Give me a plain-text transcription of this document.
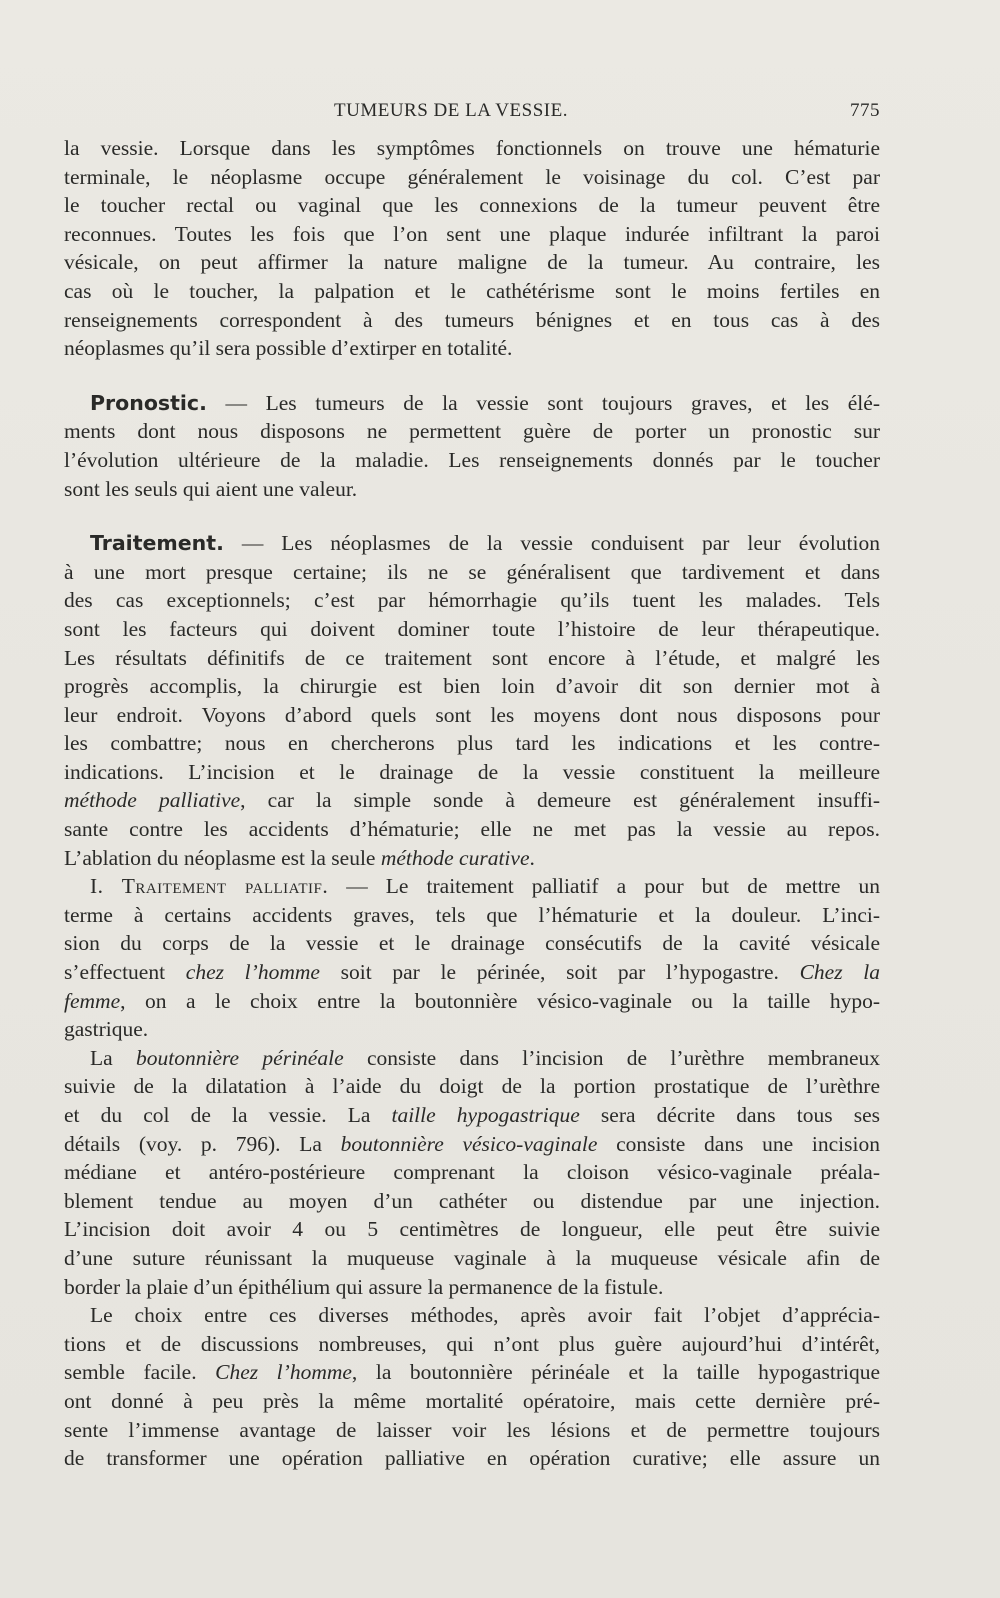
TUMEURS DE LA VESSIE.	775
la vessie. Lorsque dans les symptômes fonctionnels on trouve une hématurie
terminale, le néoplasme occupe généralement le voisinage du col. C’est par
le toucher rectal ou vaginal que les connexions de la tumeur peuvent être
reconnues. Toutes les fois que l’on sent une plaque indurée infiltrant la paroi
vésicale, on peut affirmer la nature maligne de la tumeur. Au contraire, les
cas où le toucher, la palpation et le cathétérisme sont le moins fertiles en
renseignements correspondent à des tumeurs bénignes et en tous cas à des
néoplasmes qu’il sera possible d’extirper en totalité.
Pronostic. — Les tumeurs de la vessie sont toujours graves, et les élé-
ments dont nous disposons ne permettent guère de porter un pronostic sur
l’évolution ultérieure de la maladie. Les renseignements donnés par le toucher
sont les seuls qui aient une valeur.
Traitement. — Les néoplasmes de la vessie conduisent par leur évolution
à une mort presque certaine; ils ne se généralisent que tardivement et dans
des cas exceptionnels; c’est par hémorrhagie qu’ils tuent les malades. Tels
sont les facteurs qui doivent dominer toute l’histoire de leur thérapeutique.
Les résultats définitifs de ce traitement sont encore à l’étude, et malgré les
progrès accomplis, la chirurgie est bien loin d’avoir dit son dernier mot à
leur endroit. Voyons d’abord quels sont les moyens dont nous disposons pour
les combattre; nous en chercherons plus tard les indications et les contre-
indications. L’incision et le drainage de la vessie constituent la meilleure
méthode palliative, car la simple sonde à demeure est généralement insuffi-
sante contre les accidents d’hématurie; elle ne met pas la vessie au repos.
L’ablation du néoplasme est la seule méthode curative.
I. Traitement palliatif. — Le traitement palliatif a pour but de mettre un
terme à certains accidents graves, tels que l’hématurie et la douleur. L’inci-
sion du corps de la vessie et le drainage consécutifs de la cavité vésicale
s’effectuent chez l’homme soit par le périnée, soit par l’hypogastre. Chez la
femme, on a le choix entre la boutonnière vésico-vaginale ou la taille hypo-
gastrique.
La boutonnière périnéale consiste dans l’incision de l’urèthre membraneux
suivie de la dilatation à l’aide du doigt de la portion prostatique de l’urèthre
et du col de la vessie. La taille hypogastrique sera décrite dans tous ses
détails (voy. p. 796). La boutonnière vésico-vaginale consiste dans une incision
médiane et antéro-postérieure comprenant la cloison vésico-vaginale préala-
blement tendue au moyen d’un cathéter ou distendue par une injection.
L’incision doit avoir 4 ou 5 centimètres de longueur, elle peut être suivie
d’une suture réunissant la muqueuse vaginale à la muqueuse vésicale afin de
border la plaie d’un épithélium qui assure la permanence de la fistule.
Le choix entre ces diverses méthodes, après avoir fait l’objet d’apprécia-
tions et de discussions nombreuses, qui n’ont plus guère aujourd’hui d’intérêt,
semble facile. Chez l’homme, la boutonnière périnéale et la taille hypogastrique
ont donné à peu près la même mortalité opératoire, mais cette dernière pré-
sente l’immense avantage de laisser voir les lésions et de permettre toujours
de transformer une opération palliative en opération curative; elle assure un
